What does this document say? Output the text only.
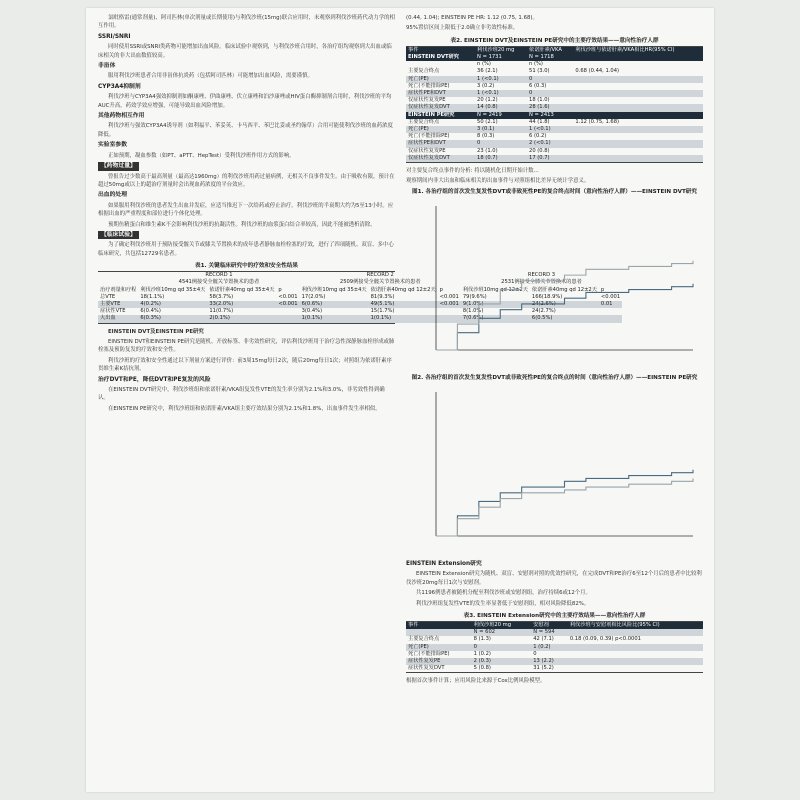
氯吡格雷(通常剂量)、阿司匹林(单次剂量或长期使用)与利伐沙班(15mg)联合应用时，未观察到利伐沙班药代动力学的相互作用。

SSRI/SNRI

同时使用SSRI或SNRI类药物可能增加出血风险。临床试验中观察到，与利伐沙班合用时，各治疗组均观察到大出血或临床相关的非大出血数值较高。

非甾体

服用利伐沙班患者合用非甾体抗炎药（包括阿司匹林）可能增加出血风险，需要谨慎。

CYP3A4抑制剂

利伐沙班与CYP3A4强效抑制剂如酮康唑、伊曲康唑、伏立康唑和泊沙康唑或HIV蛋白酶抑制剂合用时，利伐沙班的平均AUC升高，药效学效应增强，可能导致出血风险增加。

其他药物相互作用

利伐沙班与强效CYP3A4诱导剂（如利福平、苯妥英、卡马西平、苯巴比妥或圣约翰草）合用可能使利伐沙班的血药浓度降低。

实验室参数

正如预期，凝血参数（如PT、aPTT、HepTest）受利伐沙班作用方式的影响。

【药物过量】

曾报告过少数高于最高剂量（最高达1960mg）的利伐沙班用药过量病例，无相关不良事件发生。由于吸收有限，预计在超过50mg或以上的超治疗剂量时会出现血药浓度的平台效应。

出血的处理

如果服用利伐沙班的患者发生出血并发症，应适当推迟下一次给药或停止治疗。利伐沙班的半衰期大约为5至13小时。应根据出血的严重程度和部位进行个体化处理。

预期鱼精蛋白和维生素K不会影响利伐沙班的抗凝活性。利伐沙班的血浆蛋白结合率较高，因此不能被透析清除。

【临床试验】

为了确定利伐沙班用于预防接受髋关节或膝关节置换术的成年患者静脉血栓栓塞的疗效，进行了四项随机、双盲、多中心临床研究，共包括12729名患者。

表1. 关键临床研究中的疗效和安全性结果
	RECORD 1			RECORD 2			RECORD 3		
	4541例接受全髋关节置换术的患者			2509例接受全髋关节置换术的患者			2531例接受全膝关节置换术的患者		
治疗剂量和疗程	利伐沙班10mg qd 35±4天	依诺肝素40mg qd 35±4天	p	利伐沙班10mg qd 35±4天	依诺肝素40mg qd 12±2天	p	利伐沙班10mg qd 12±2天	依诺肝素40mg qd 12±2天	p
总VTE	18(1.1%)	58(3.7%)	<0.001	17(2.0%)	81(9.3%)	<0.001	79(9.6%)	166(18.9%)	<0.001
主要VTE	4(0.2%)	33(2.0%)	<0.001	6(0.6%)	49(5.1%)	<0.001	9(1.0%)	24(2.6%)	0.01
症状性VTE	6(0.4%)	11(0.7%)		3(0.4%)	15(1.7%)		8(1.0%)	24(2.7%)	
大出血	6(0.3%)	2(0.1%)		1(0.1%)	1(0.1%)		7(0.6%)	6(0.5%)	

EINSTEIN DVT及EINSTEIN PE研究

EINSTEIN DVT和EINSTEIN PE研究是随机、开放标签、非劣效性研究，评估利伐沙班用于治疗急性深静脉血栓形成或肺栓塞及预防复发的疗效和安全性。

利伐沙班的疗效和安全性通过以下剂量方案进行评价：前3周15mg每日2次，随后20mg每日1次；对照组为依诺肝素序贯维生素K拮抗剂。

治疗DVT和PE，降低DVT和PE复发的风险

在EINSTEIN DVT研究中，利伐沙班组和依诺肝素/VKA组复发性VTE的发生率分别为2.1%和3.0%，非劣效性得到确认。

在EINSTEIN PE研究中，利伐沙班组和依诺肝素/VKA组主要疗效结果分别为2.1%和1.8%，出血事件发生率相似。

(0.44, 1.04); EINSTEIN PE HR: 1.12 (0.75, 1.68)。

95%置信区间上限低于2.0确立非劣效性标准。

表2. EINSTEIN DVT及EINSTEIN PE研究中的主要疗效结果——意向性治疗人群
事件	利伐沙班20 mg	依诺肝素/VKA	利伐沙班与依诺肝素/VKA相比HR(95% CI)
EINSTEIN DVT研究	N = 1731	N = 1718	
	n (%)	n (%)	
主要复合终点	36 (2.1)	51 (3.0)	0.68 (0.44, 1.04)
死亡(PE)	1 (<0.1)	0	
死亡(不能排除PE)	3 (0.2)	6 (0.3)	
症状性PE和DVT	1 (<0.1)	0	
仅症状性复发PE	20 (1.2)	18 (1.0)	
仅症状性复发DVT	14 (0.8)	28 (1.6)	
EINSTEIN PE研究	N = 2419	N = 2413	
主要复合终点	50 (2.1)	44 (1.8)	1.12 (0.75, 1.68)
死亡(PE)	3 (0.1)	1 (<0.1)	
死亡(不能排除PE)	8 (0.3)	6 (0.2)	
症状性PE和DVT	0	2 (<0.1)	
仅症状性复发PE	23 (1.0)	20 (0.8)	
仅症状性复发DVT	18 (0.7)	17 (0.7)	

对主要复合终点事件的分析: 将以随机化日期开始计数...

观察期间内非大出血和临床相关的出血事件与对照组相比差异无统计学意义。

图1. 各治疗组的首次发生复发性DVT或非致死性PE的复合终点时间（意向性治疗人群）——EINSTEIN DVT研究
图2. 各治疗组的首次发生复发性DVT或非致死性PE的复合终点的时间（意向性治疗人群）——EINSTEIN PE研究
EINSTEIN Extension研究

EINSTEIN Extension研究为随机、双盲、安慰剂对照的优效性研究，在完成DVT和PE治疗6至12个月后的患者中比较利伐沙班20mg每日1次与安慰剂。

共1196例患者被随机分配至利伐沙班或安慰剂组，治疗持续6或12个月。

利伐沙班组复发性VTE的发生率显著低于安慰剂组，相对风险降低82%。

表3. EINSTEIN Extension研究中的主要疗效结果——意向性治疗人群
事件	利伐沙班20 mg	安慰剂	利伐沙班与安慰剂相比风险比(95% CI)
	N = 602	N = 594	
主要复合终点	8 (1.3)	42 (7.1)	0.18 (0.09, 0.39) p<0.0001
死亡(PE)	0	1 (0.2)	
死亡(不能排除PE)	1 (0.2)	0	
症状性复发PE	2 (0.3)	13 (2.2)	
症状性复发DVT	5 (0.8)	31 (5.2)	

根据首次事件计算；应用风险比来源于Cox比例风险模型。
